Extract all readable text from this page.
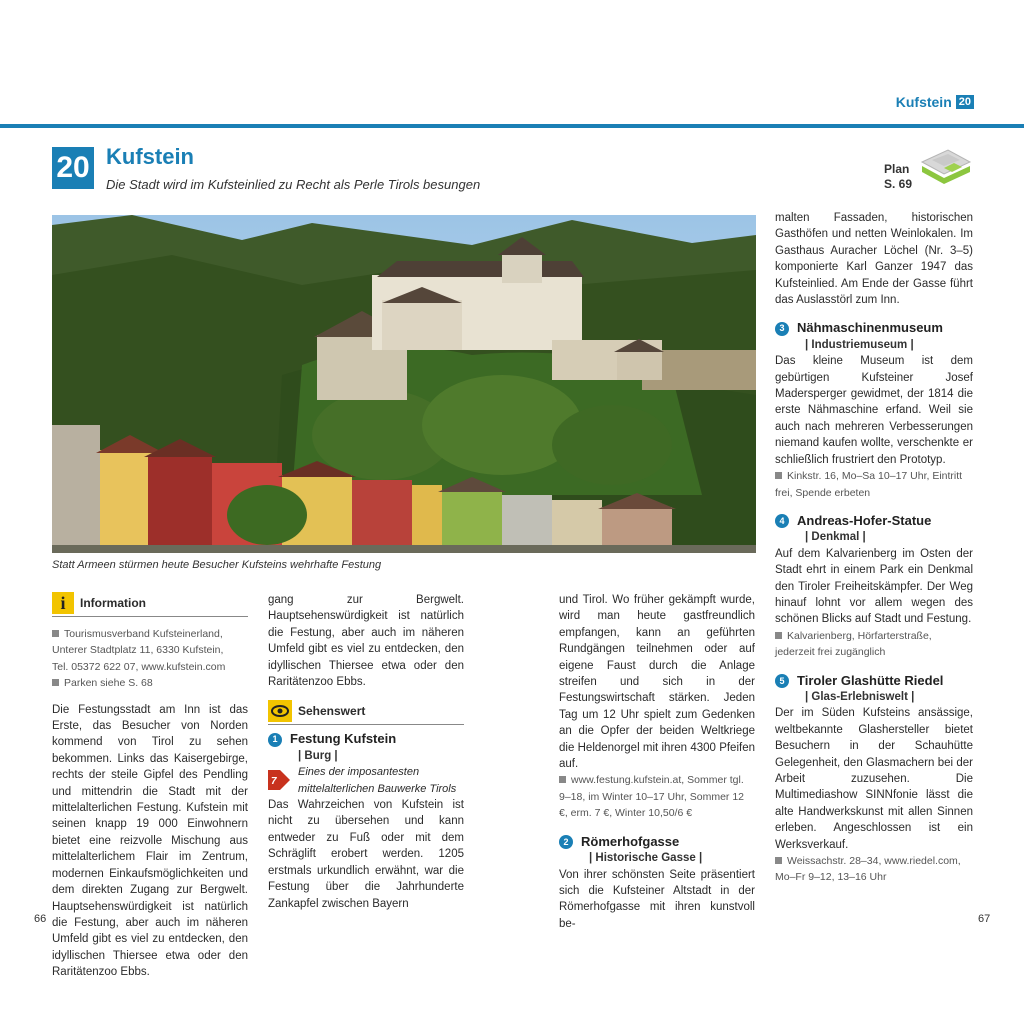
Kufstein 20
20 Kufstein
Die Stadt wird im Kufsteinlied zu Recht als Perle Tirols besungen
Plan
S. 69
Statt Armeen stürmen heute Besucher Kufsteins wehrhafte Festung
i	Information
Tourismusverband Kufsteinerland,
Unterer Stadtplatz 11, 6330 Kufstein,
Tel. 05372 622 07, www.kufstein.com
Parken siehe S. 68

Die Festungsstadt am Inn ist das Erste, das Besucher von Norden kommend von Tirol zu sehen bekommen. Links das Kaisergebirge, rechts der steile Gipfel des Pendling und mittendrin die Stadt mit der mittelalterlichen Festung. Kufstein mit seinen knapp 19 000 Einwohnern bietet eine reizvolle Mischung aus mittelalterlichem Flair im Zentrum, modernen Einkaufsmöglichkeiten und dem direkten Zugang zur Bergwelt. Hauptsehenswürdigkeit ist natürlich die Festung, aber auch im näheren Umfeld gibt es viel zu entdecken, den idyllischen Thiersee etwa oder den Raritätenzoo Ebbs.

gang zur Bergwelt. Hauptsehenswürdigkeit ist natürlich die Festung, aber auch im näheren Umfeld gibt es viel zu entdecken, den idyllischen Thiersee etwa oder den Raritätenzoo Ebbs.

Sehenswert
1 Festung Kufstein
| Burg |
7
Eines der imposantesten mittelalterlichen Bauwerke Tirols

Das Wahrzeichen von Kufstein ist nicht zu übersehen und kann entweder zu Fuß oder mit dem Schräglift erobert werden. 1205 erstmals urkundlich erwähnt, war die Festung über die Jahrhunderte Zankapfel zwischen Bayern

und Tirol. Wo früher gekämpft wurde, wird man heute gastfreundlich empfangen, kann an geführten Rundgängen teilnehmen oder auf eigene Faust durch die Anlage streifen und sich in der Festungswirtschaft stärken. Jeden Tag um 12 Uhr spielt zum Gedenken an die Opfer der beiden Weltkriege die Heldenorgel mit ihren 4300 Pfeifen auf.

www.festung.kufstein.at, Sommer tgl. 9–18, im Winter 10–17 Uhr, Sommer 12 €, erm. 7 €, Winter 10,50/6 €
2 Römerhofgasse
| Historische Gasse |

Von ihrer schönsten Seite präsentiert sich die Kufsteiner Altstadt in der Römerhofgasse mit ihren kunstvoll be-

malten Fassaden, historischen Gasthöfen und netten Weinlokalen. Im Gasthaus Auracher Löchel (Nr. 3–5) komponierte Karl Ganzer 1947 das Kufsteinlied. Am Ende der Gasse führt das Auslasstörl zum Inn.

3 Nähmaschinenmuseum
| Industriemuseum |

Das kleine Museum ist dem gebürtigen Kufsteiner Josef Madersperger gewidmet, der 1814 die erste Nähmaschine erfand. Weil sie auch nach mehreren Verbesserungen niemand kaufen wollte, verschenkte er schließlich frustriert den Prototyp.

Kinkstr. 16, Mo–Sa 10–17 Uhr, Eintritt frei, Spende erbeten
4 Andreas-Hofer-Statue
| Denkmal |

Auf dem Kalvarienberg im Osten der Stadt ehrt in einem Park ein Denkmal den Tiroler Freiheitskämpfer. Der Weg hinauf lohnt vor allem wegen des schönen Blicks auf Stadt und Festung.

Kalvarienberg, Hörfarterstraße, jederzeit frei zugänglich
5 Tiroler Glashütte Riedel
| Glas-Erlebniswelt |

Der im Süden Kufsteins ansässige, weltbekannte Glashersteller bietet Besuchern in der Schauhütte Gelegenheit, den Glasmachern bei der Arbeit zuzusehen. Die Multimediashow SINNfonie lässt die alte Handwerkskunst mit allen Sinnen erleben. Angeschlossen ist ein Werksverkauf.

Weissachstr. 28–34, www.riedel.com, Mo–Fr 9–12, 13–16 Uhr
66	67
